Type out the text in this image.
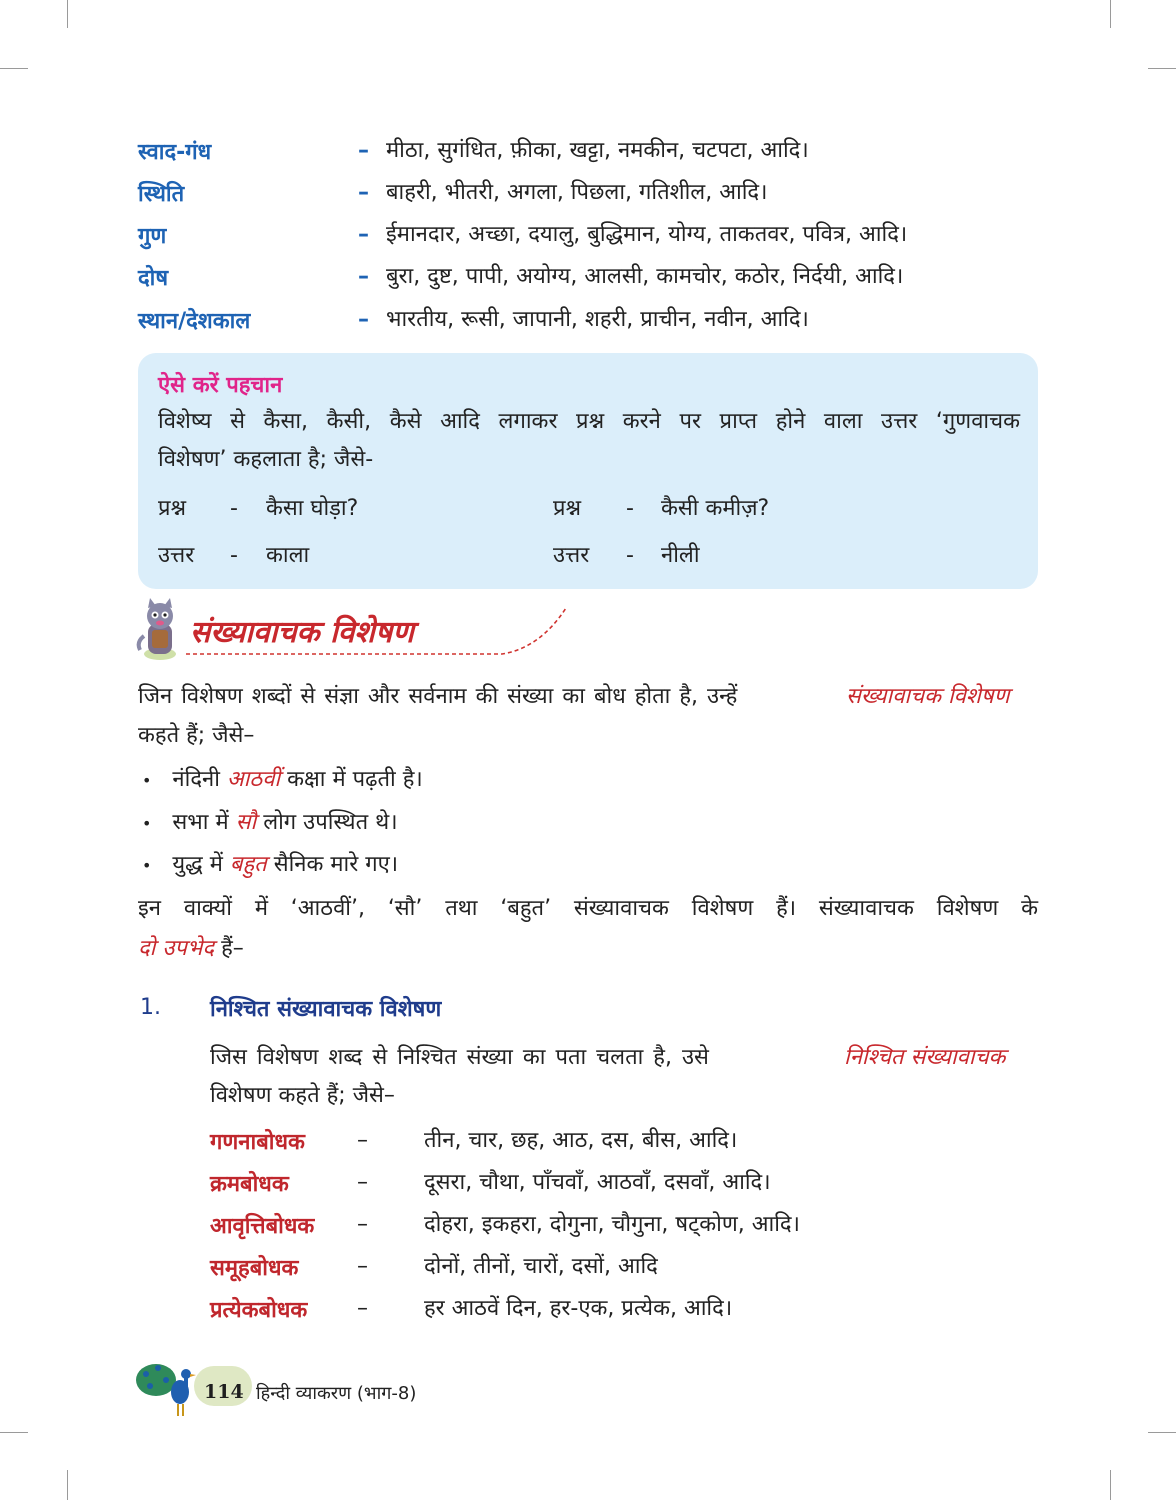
स्वाद-गंध	– मीठा, सुगंधित, फ़ीका, खट्टा, नमकीन, चटपटा, आदि।
स्थिति	– बाहरी, भीतरी, अगला, पिछला, गतिशील, आदि।
गुण	– ईमानदार, अच्छा, दयालु, बुद्धिमान, योग्य, ताकतवर, पवित्र, आदि।
दोष	– बुरा, दुष्ट, पापी, अयोग्य, आलसी, कामचोर, कठोर, निर्दयी, आदि।
स्थान/देशकाल	– भारतीय, रूसी, जापानी, शहरी, प्राचीन, नवीन, आदि।
ऐसे करें पहचान
विशेष्य से कैसा, कैसी, कैसे आदि लगाकर प्रश्न करने पर प्राप्त होने वाला उत्तर ‘गुणवाचक
विशेषण’ कहलाता है; जैसे-
प्रश्न - कैसा घोड़ा?
उत्तर - काला
प्रश्न - कैसी कमीज़?
उत्तर - नीली
संख्यावाचक विशेषण
जिन विशेषण शब्दों से संज्ञा और सर्वनाम की संख्या का बोध होता है, उन्हें	संख्यावाचक विशेषण
कहते हैं; जैसे–
• नंदिनी आठवीं कक्षा में पढ़ती है।
• सभा में सौ लोग उपस्थित थे।
• युद्ध में बहुत सैनिक मारे गए।
इन वाक्यों में ‘आठवीं’, ‘सौ’ तथा ‘बहुत’ संख्यावाचक विशेषण हैं। संख्यावाचक विशेषण के
दो उपभेद हैं–
1. निश्चित संख्यावाचक विशेषण
जिस विशेषण शब्द से निश्चित संख्या का पता चलता है, उसे	निश्चित संख्यावाचक
विशेषण कहते हैं; जैसे–
गणनाबोधक –	तीन, चार, छह, आठ, दस, बीस, आदि।
क्रमबोधक	–	दूसरा, चौथा, पाँचवाँ, आठवाँ, दसवाँ, आदि।
आवृत्तिबोधक –	दोहरा, इकहरा, दोगुना, चौगुना, षट्कोण, आदि।
समूहबोधक	–	दोनों, तीनों, चारों, दसों, आदि
प्रत्येकबोधक –	हर आठवें दिन, हर-एक, प्रत्येक, आदि।
114 हिन्दी व्याकरण (भाग-8)
